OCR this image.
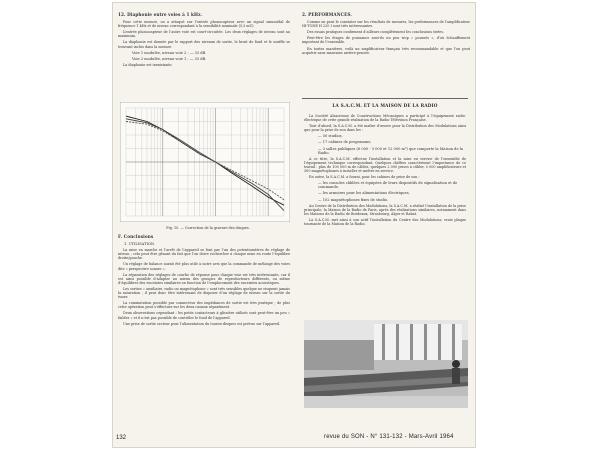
12. Diaphonie entre voies à 1 kHz.

Pour cette mesure, on a attaqué sur l’entrée phonocapteur avec un signal sinusoïdal de fréquence 1 kHz et de niveau correspondant à la sensibilité nominale (5,5 mV).

L’entrée phonocapteur de l’autre voie est court-circuitée. Les deux réglages de niveau sont au maximum.

La diaphonie est donnée par le rapport des niveaux de sortie, le bruit de fond et le souffle se trouvant inclus dans la mesure.

Voie 1 modulée, niveau voie 2 : — 33 dB.
Voie 2 modulée, niveau voie 1 : — 33 dB.

La diaphonie est inexistante.

Fig. 10. — Correction de la gravure des disques.
F. Conclusions
1. UTILISATION.

La mise en marche et l’arrêt de l’appareil se font par l’un des potentiomètres de réglage de niveau ; cela peut être gênant du fait que l’on doive rechercher à chaque mise en route l’équilibre droite/gauche.

Un réglage de balance aurait été plus utile à notre avis que la commande de mélange des voies dite « perspective sonore ».

La séparation des réglages de courbe de réponse pour chaque voie est très intéressante, car il est ainsi possible d’adapter au mieux des groupes de reproducteurs différents, ou même d’équilibrer des enceintes similaires en fonction de l’emplacement des enceintes acoustiques.

Les sorties « auxiliaire, radio ou magnétophone » sont très sensibles quelque ne risquent jamais la saturation ; il peut donc être intéressant de disposer d’un réglage de niveau sur la sortie du tuner.

La commutation possible par connecteur des impédances de sortie est très pratique ; de plus cette opération peut s’effectuer sur les deux canaux séparément.

Deux observations cependant : les petits contacteurs à glissière utilisés sont peut-être un peu « faibles » et il n’est pas possible de contrôler le fond de l’appareil.

Une prise de sortie secteur pour l’alimentation du tourne-disques est prévue sur l’appareil.

2. PERFORMANCES.

Comme on peut le constater sur les résultats de mesures, les performances de l’amplificateur HI-TONE H 220 I sont très intéressantes.

Des essais pratiques confirment d’ailleurs complètement les conclusions tirées.

Peut-être les étages de puissance sont-ils un peu trop « poussés », d’où échauffement important de l’ensemble.

En toutes manières, voilà un amplificateur français très recommandable et que l’on peut acquérir sans mauvaise arrière-pensée.

LA S.A.C.M. ET LA MAISON DE LA RADIO

La Société Alsacienne de Constructions Mécaniques a participé à l’équipement radio-électrique de cette grande réalisation de la Radio Télévision Française.

Tout d’abord, la S.A.C.M. a été maître d’œuvre pour la Distribution des Modulations ainsi que pour la prise de son dans les :

— 50 studios,
— 17 cabines de programme,
— 3 salles publiques (6 000 - 3 000 et 12 000 m³) que comporte la Maison de la Radio.

A ce titre, la S.A.C.M. effectue l’installation et la mise en service de l’ensemble de l’équipement technique correspondant. Quelques chiffres caractérisent l’importance de ce travail : plus de 100 000 m de câbles, quelques 2 000 prises à câbler, 5 000 amplificateurs et 300 magnétophones à installer et mettre en service.

En outre, la S.A.C.M. a fourni, pour les cabines de prise de son :

— les consoles câblées et équipées de leurs dispositifs de signalisation et de commande,
— les armoires pour les alimentations électriques,
— 102 magnétophones fixes de studio.

Au Centre de la Distribution des Modulations, la S.A.C.M. a réalisé l’installation de la prise principale, la Maison de la Radio de Paris, après des réalisations similaires, notamment dans les Maisons de la Radio de Bordeaux, Strasbourg, Alger et Rabat.

La S.A.C.M. met ainsi à son actif l’installation du Centre des Modulations, vraie plaque tournante de la Maison de la Radio.

132	revue du SON - N° 131-132 - Mars-Avril 1964
